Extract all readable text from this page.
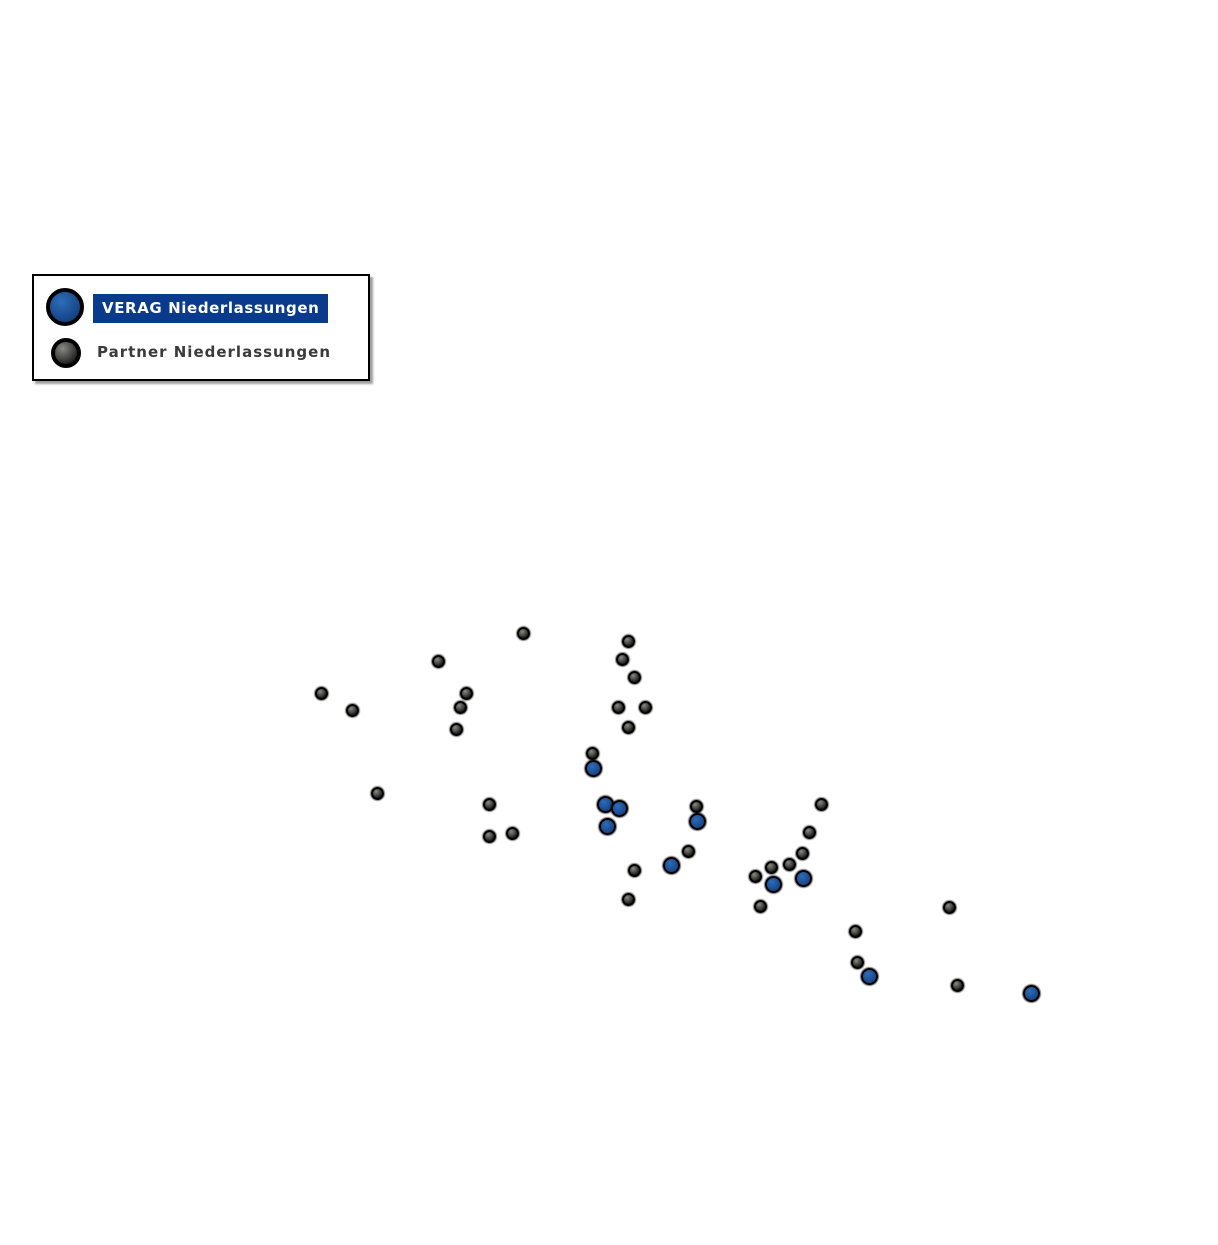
VERAG Niederlassungen
Partner Niederlassungen
